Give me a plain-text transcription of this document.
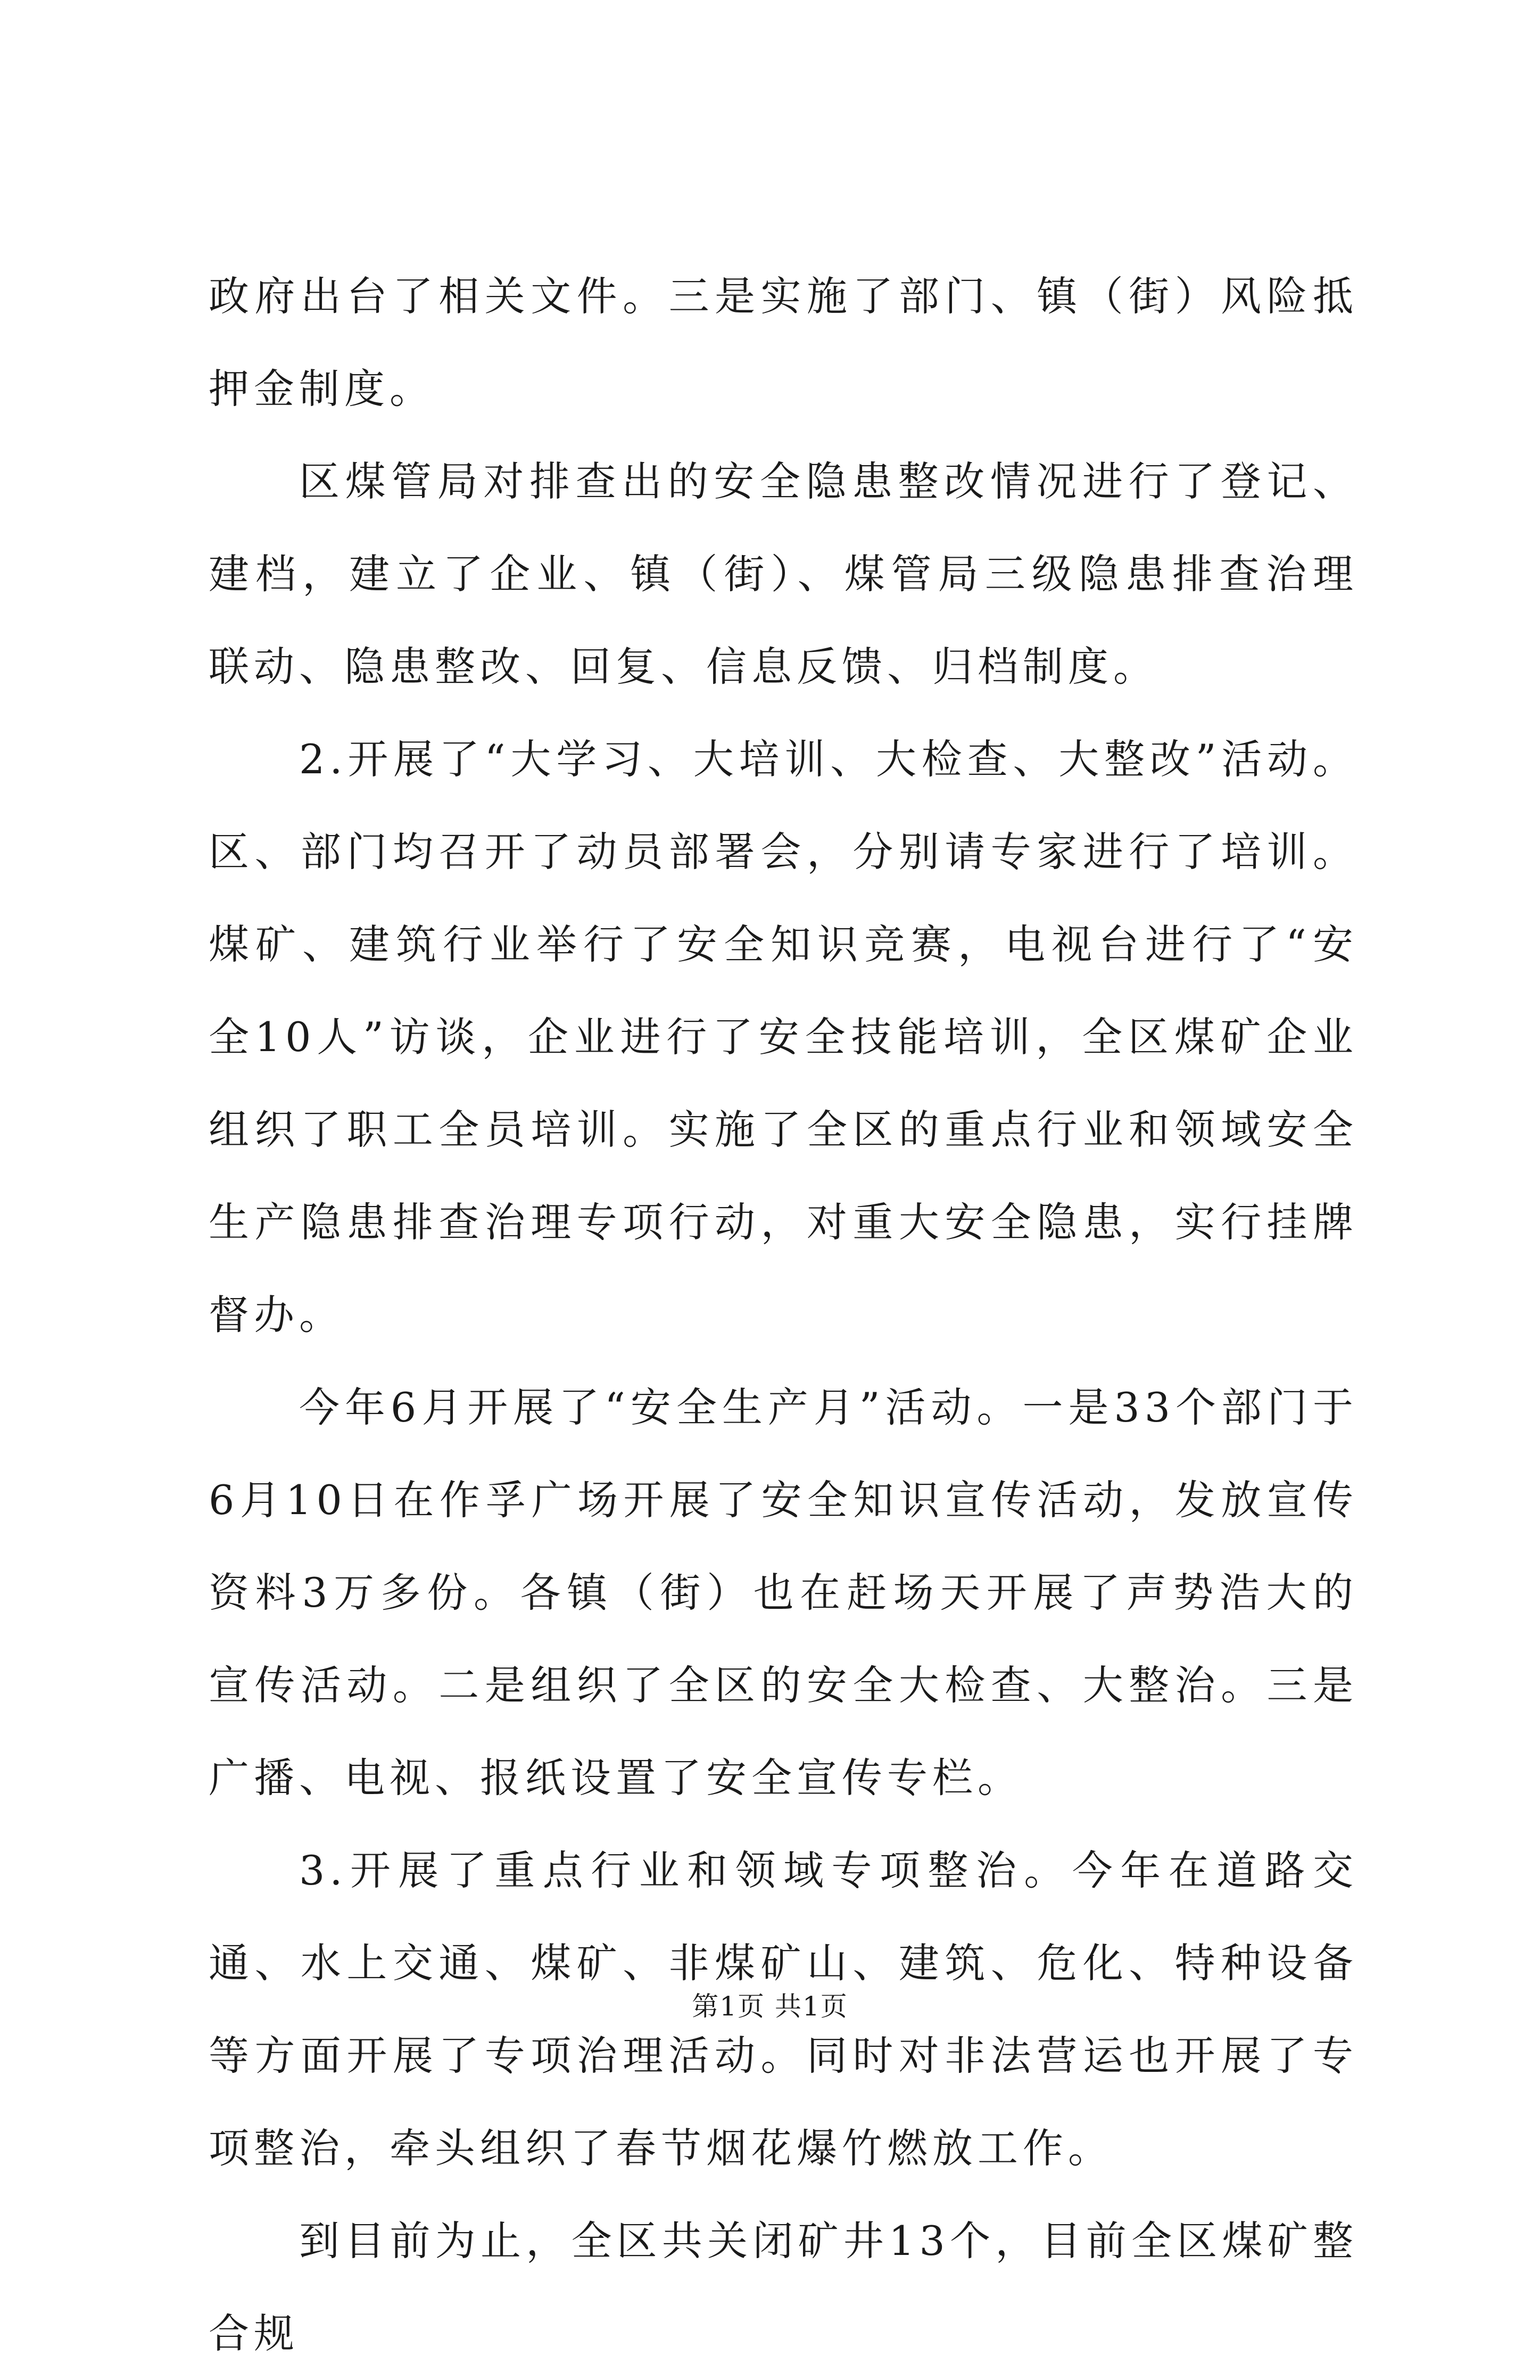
政府出台了相关文件。三是实施了部门、镇（街）风险抵押金制度。

区煤管局对排查出的安全隐患整改情况进行了登记、建档，建立了企业、镇（街）、煤管局三级隐患排查治理联动、隐患整改、回复、信息反馈、归档制度。

2.开展了“大学习、大培训、大检查、大整改”活动。区、部门均召开了动员部署会，分别请专家进行了培训。煤矿、建筑行业举行了安全知识竞赛，电视台进行了“安全10人”访谈，企业进行了安全技能培训，全区煤矿企业组织了职工全员培训。实施了全区的重点行业和领域安全生产隐患排查治理专项行动，对重大安全隐患，实行挂牌督办。

今年6月开展了“安全生产月”活动。一是33个部门于6月10日在作孚广场开展了安全知识宣传活动，发放宣传资料3万多份。各镇（街）也在赶场天开展了声势浩大的宣传活动。二是组织了全区的安全大检查、大整治。三是广播、电视、报纸设置了安全宣传专栏。

3.开展了重点行业和领域专项整治。今年在道路交通、水上交通、煤矿、非煤矿山、建筑、危化、特种设备等方面开展了专项治理活动。同时对非法营运也开展了专项整治，牵头组织了春节烟花爆竹燃放工作。

到目前为止，全区共关闭矿井13个，目前全区煤矿整合规

第1页 共1页
